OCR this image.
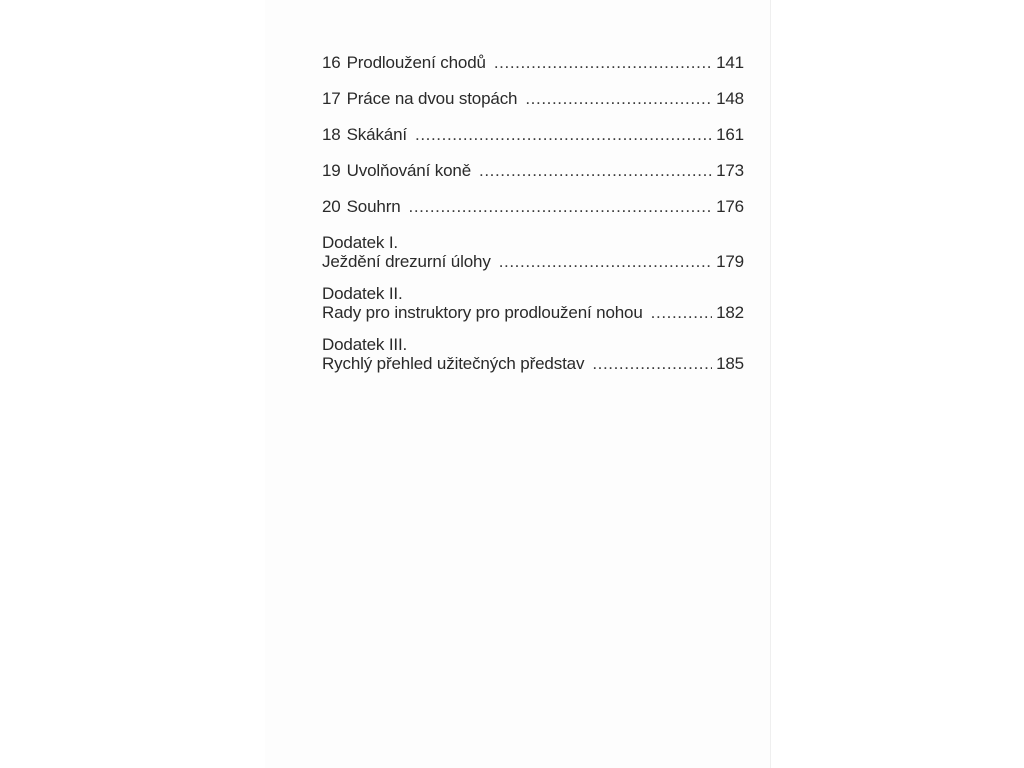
16 Prodloužení chodů .....	141
17 Práce na dvou stopách .....	148
18 Skákání .....	161
19 Uvolňování koně .....	173
20 Souhrn .....	176
Dodatek I.
Ježdění drezurní úlohy .....	179
Dodatek II.
Rady pro instruktory pro prodloužení nohou .....	182
Dodatek III.
Rychlý přehled užitečných představ .....	185
